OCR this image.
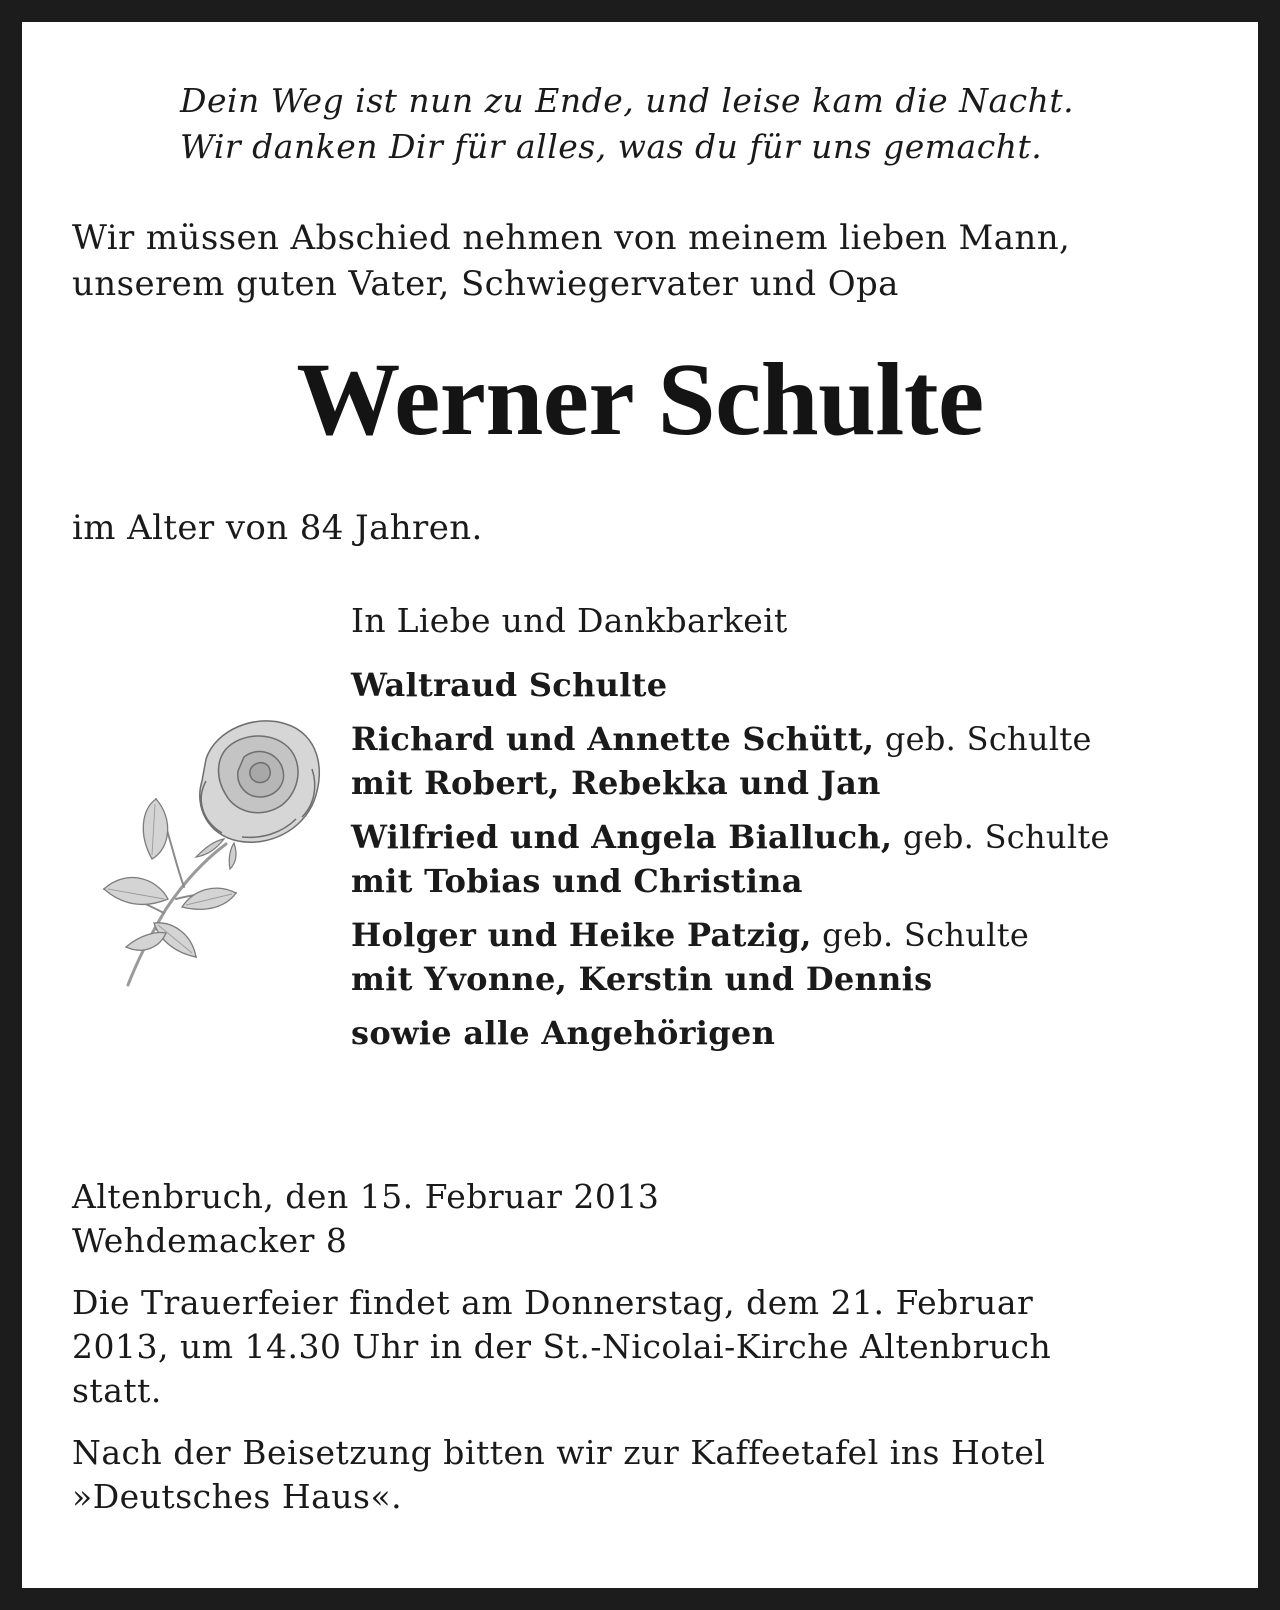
Dein Weg ist nun zu Ende, und leise kam die Nacht.
Wir danken Dir für alles, was du für uns gemacht.
Wir müssen Abschied nehmen von meinem lieben Mann,
unserem guten Vater, Schwiegervater und Opa
Werner Schulte
im Alter von 84 Jahren.
In Liebe und Dankbarkeit
Waltraud Schulte
Richard und Annette Schütt, geb. Schulte
mit Robert, Rebekka und Jan
Wilfried und Angela Bialluch, geb. Schulte
mit Tobias und Christina
Holger und Heike Patzig, geb. Schulte
mit Yvonne, Kerstin und Dennis
sowie alle Angehörigen
Altenbruch, den 15. Februar 2013
Wehdemacker 8
Die Trauerfeier findet am Donnerstag, dem 21. Februar
2013, um 14.30 Uhr in der St.-Nicolai-Kirche Altenbruch
statt.
Nach der Beisetzung bitten wir zur Kaffeetafel ins Hotel
»Deutsches Haus«.
